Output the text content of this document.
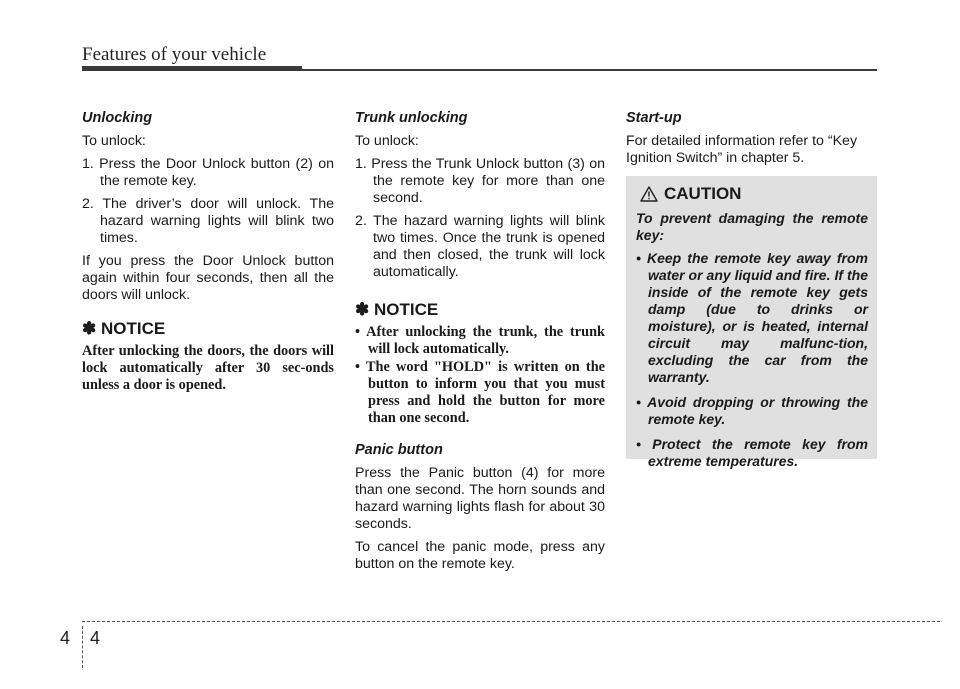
Features of your vehicle
Unlocking

To unlock:

1. Press the Door Unlock button (2) on the remote key.
2. The driver’s door will unlock. The hazard warning lights will blink two times.

If you press the Door Unlock button again within four seconds, then all the doors will unlock.

✽ NOTICE
After unlocking the doors, the doors will lock automatically after 30 sec-onds unless a door is opened.
Trunk unlocking

To unlock:

1. Press the Trunk Unlock button (3) on the remote key for more than one second.
2. The hazard warning lights will blink two times. Once the trunk is opened and then closed, the trunk will lock automatically.
✽ NOTICE
• After unlocking the trunk, the trunk will lock automatically.
• The word "HOLD" is written on the button to inform you that you must press and hold the button for more than one second.
Panic button

Press the Panic button (4) for more than one second. The horn sounds and hazard warning lights flash for about 30 seconds.

To cancel the panic mode, press any button on the remote key.

Start-up

For detailed information refer to “Key Ignition Switch” in chapter 5.

CAUTION
To prevent damaging the remote key:
• Keep the remote key away from water or any liquid and fire. If the inside of the remote key gets damp (due to drinks or moisture), or is heated, internal circuit may malfunc-tion, excluding the car from the warranty.
• Avoid dropping or throwing the remote key.
• Protect the remote key from extreme temperatures.
4 4
